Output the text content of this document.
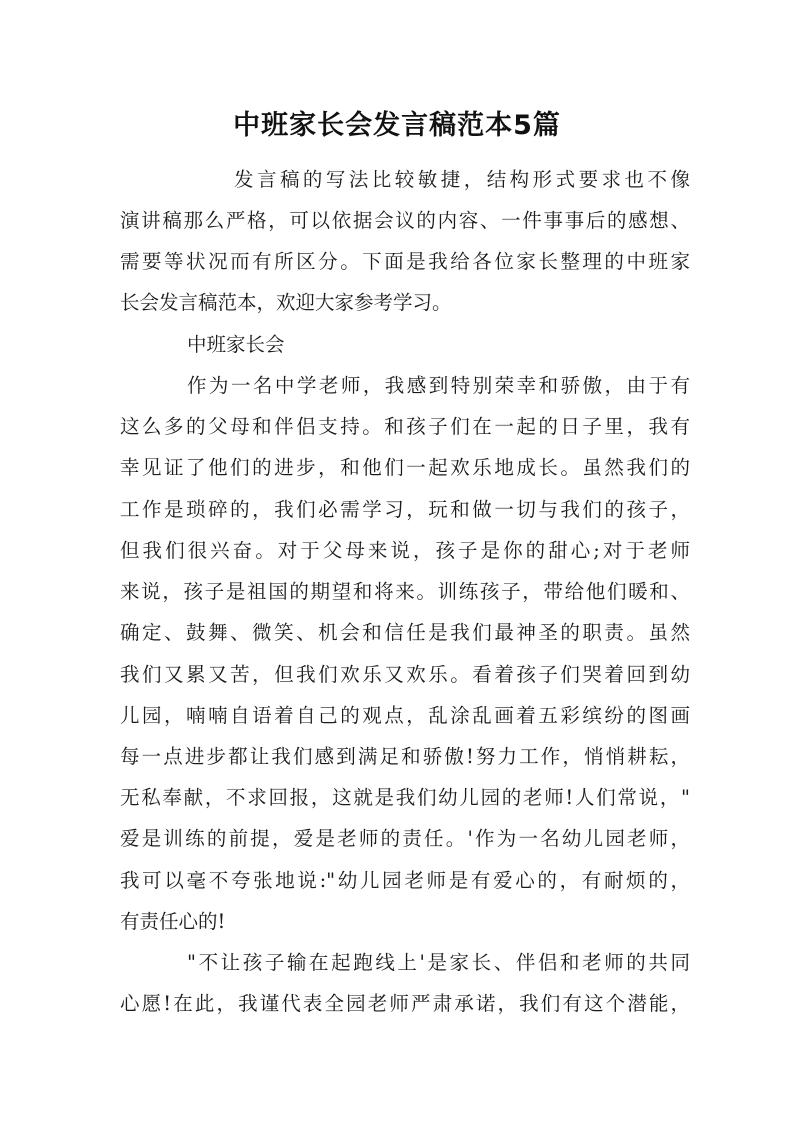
中班家长会发言稿范本5篇

发言稿的写法比较敏捷，结构形式要求也不像

演讲稿那么严格，可以依据会议的内容、一件事事后的感想、

需要等状况而有所区分。下面是我给各位家长整理的中班家

长会发言稿范本，欢迎大家参考学习。

中班家长会

作为一名中学老师，我感到特别荣幸和骄傲，由于有

这么多的父母和伴侣支持。和孩子们在一起的日子里，我有

幸见证了他们的进步，和他们一起欢乐地成长。虽然我们的

工作是琐碎的，我们必需学习，玩和做一切与我们的孩子，

但我们很兴奋。对于父母来说，孩子是你的甜心;对于老师

来说，孩子是祖国的期望和将来。训练孩子，带给他们暖和、

确定、鼓舞、微笑、机会和信任是我们最神圣的职责。虽然

我们又累又苦，但我们欢乐又欢乐。看着孩子们哭着回到幼

儿园，喃喃自语着自己的观点，乱涂乱画着五彩缤纷的图画

每一点进步都让我们感到满足和骄傲!努力工作，悄悄耕耘，

无私奉献，不求回报，这就是我们幼儿园的老师!人们常说，"

爱是训练的前提，爱是老师的责任。'作为一名幼儿园老师，

我可以毫不夸张地说:"幼儿园老师是有爱心的，有耐烦的，

有责任心的!

"不让孩子输在起跑线上'是家长、伴侣和老师的共同

心愿!在此，我谨代表全园老师严肃承诺，我们有这个潜能，
